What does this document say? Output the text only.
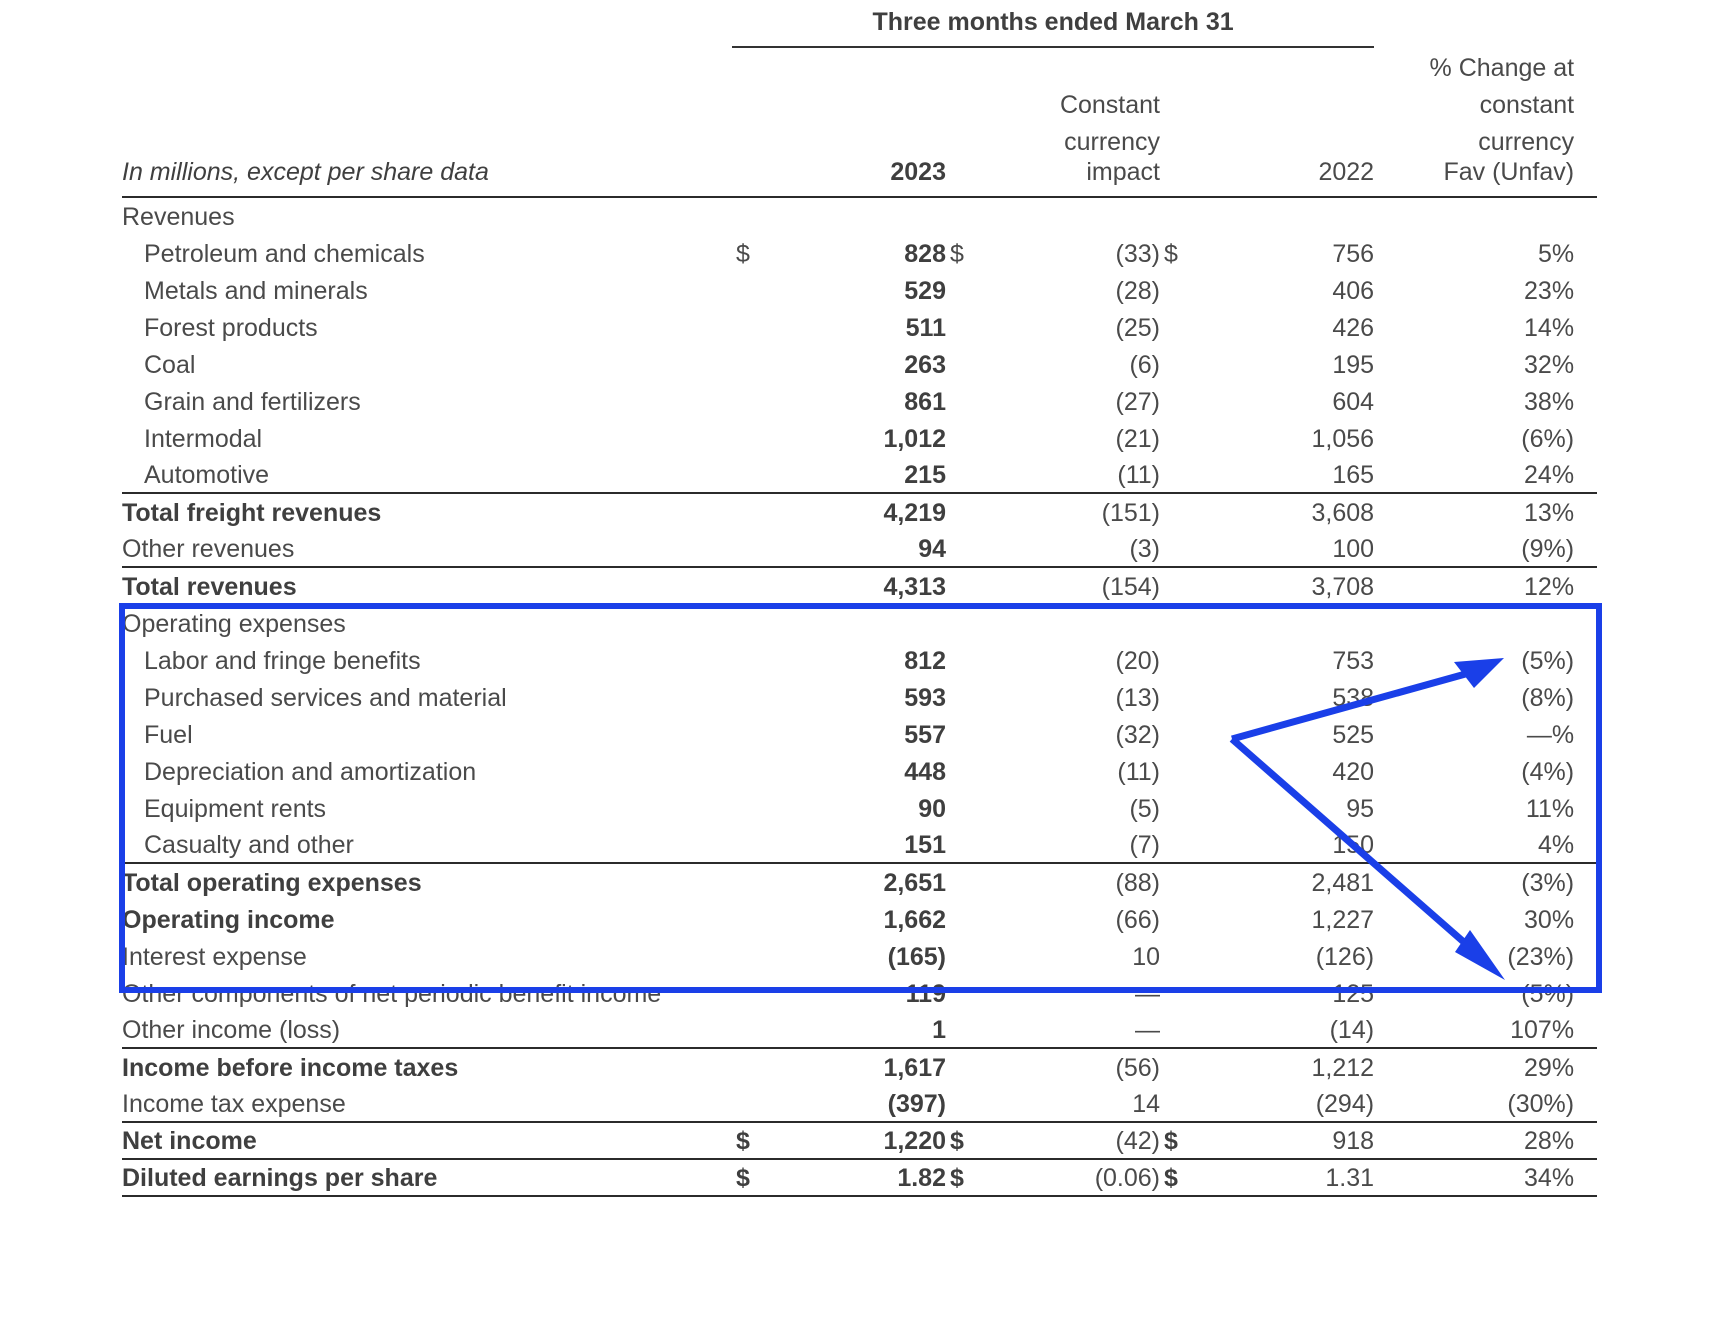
	Three months ended March 31							
							% Change at	
			Constant				constant	
			currency				currency	
In millions, except per share data		2023		impact		2022	Fav (Unfav)	
Revenues								
Petroleum and chemicals	$	828	$	(33)	$	756	5%	
Metals and minerals		529		(28)		406	23%	
Forest products		511		(25)		426	14%	
Coal		263		(6)		195	32%	
Grain and fertilizers		861		(27)		604	38%	
Intermodal		1,012		(21)		1,056	(6%)	
Automotive		215		(11)		165	24%	
Total freight revenues		4,219		(151)		3,608	13%	
Other revenues		94		(3)		100	(9%)	
Total revenues		4,313		(154)		3,708	12%	
Operating expenses								
Labor and fringe benefits		812		(20)		753	(5%)	
Purchased services and material		593		(13)		538	(8%)	
Fuel		557		(32)		525	—%	
Depreciation and amortization		448		(11)		420	(4%)	
Equipment rents		90		(5)		95	11%	
Casualty and other		151		(7)		150	4%	
Total operating expenses		2,651		(88)		2,481	(3%)	
Operating income		1,662		(66)		1,227	30%	
Interest expense		(165)		10		(126)	(23%)	
Other components of net periodic benefit income		119		—		125	(5%)	
Other income (loss)		1		—		(14)	107%	
Income before income taxes		1,617		(56)		1,212	29%	
Income tax expense		(397)		14		(294)	(30%)	
Net income	$	1,220	$	(42)	$	918	28%	
Diluted earnings per share	$	1.82	$	(0.06)	$	1.31	34%	
